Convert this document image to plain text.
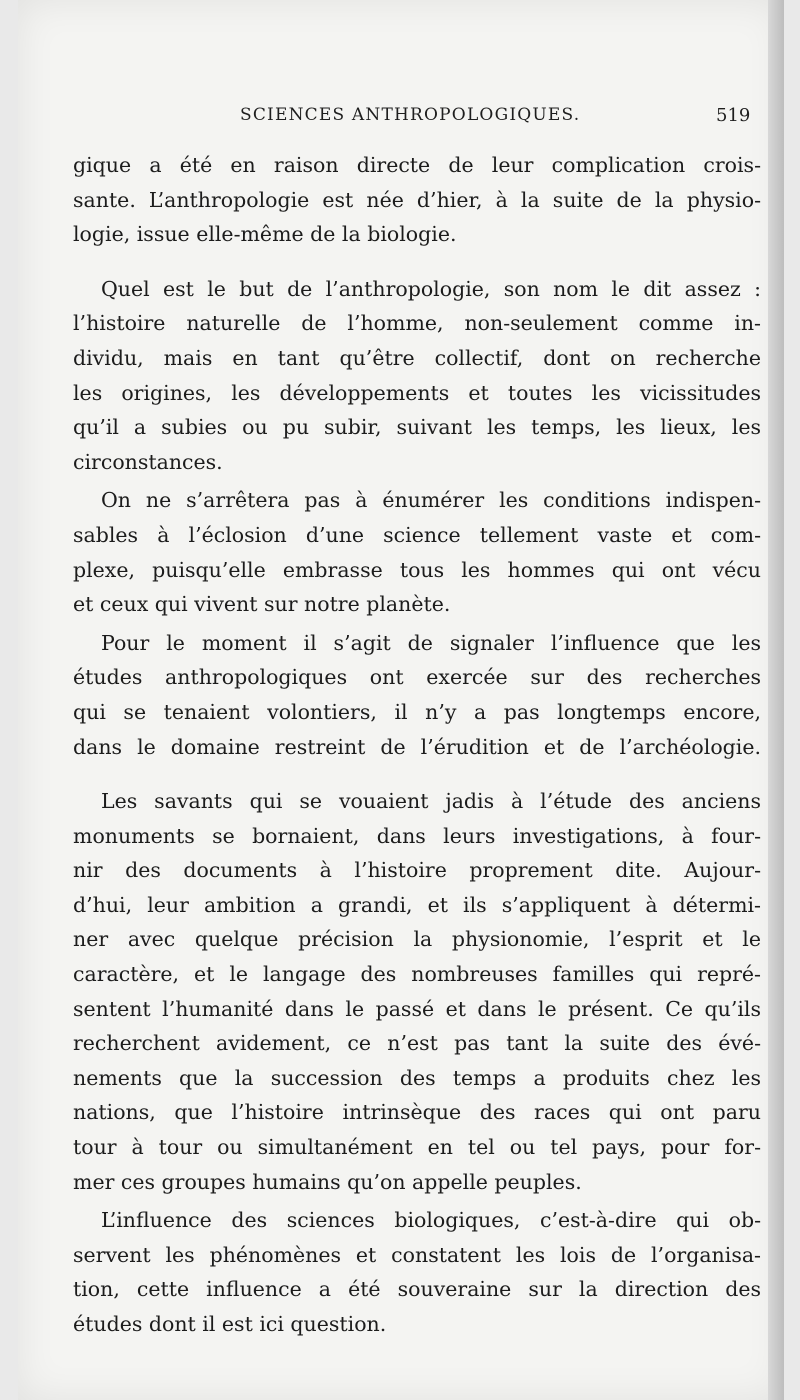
SCIENCES ANTHROPOLOGIQUES.	519
gique a été en raison directe de leur complication crois-
sante. L’anthropologie est née d’hier, à la suite de la physio-
logie, issue elle-même de la biologie.
Quel est le but de l’anthropologie, son nom le dit assez :
l’histoire naturelle de l’homme, non-seulement comme in-
dividu, mais en tant qu’être collectif, dont on recherche
les origines, les développements et toutes les vicissitudes
qu’il a subies ou pu subir, suivant les temps, les lieux, les
circonstances.
On ne s’arrêtera pas à énumérer les conditions indispen-
sables à l’éclosion d’une science tellement vaste et com-
plexe, puisqu’elle embrasse tous les hommes qui ont vécu
et ceux qui vivent sur notre planète.
Pour le moment il s’agit de signaler l’influence que les
études anthropologiques ont exercée sur des recherches
qui se tenaient volontiers, il n’y a pas longtemps encore,
dans le domaine restreint de l’érudition et de l’archéologie.
Les savants qui se vouaient jadis à l’étude des anciens
monuments se bornaient, dans leurs investigations, à four-
nir des documents à l’histoire proprement dite. Aujour-
d’hui, leur ambition a grandi, et ils s’appliquent à détermi-
ner avec quelque précision la physionomie, l’esprit et le
caractère, et le langage des nombreuses familles qui repré-
sentent l’humanité dans le passé et dans le présent. Ce qu’ils
recherchent avidement, ce n’est pas tant la suite des évé-
nements que la succession des temps a produits chez les
nations, que l’histoire intrinsèque des races qui ont paru
tour à tour ou simultanément en tel ou tel pays, pour for-
mer ces groupes humains qu’on appelle peuples.
L’influence des sciences biologiques, c’est-à-dire qui ob-
servent les phénomènes et constatent les lois de l’organisa-
tion, cette influence a été souveraine sur la direction des
études dont il est ici question.
